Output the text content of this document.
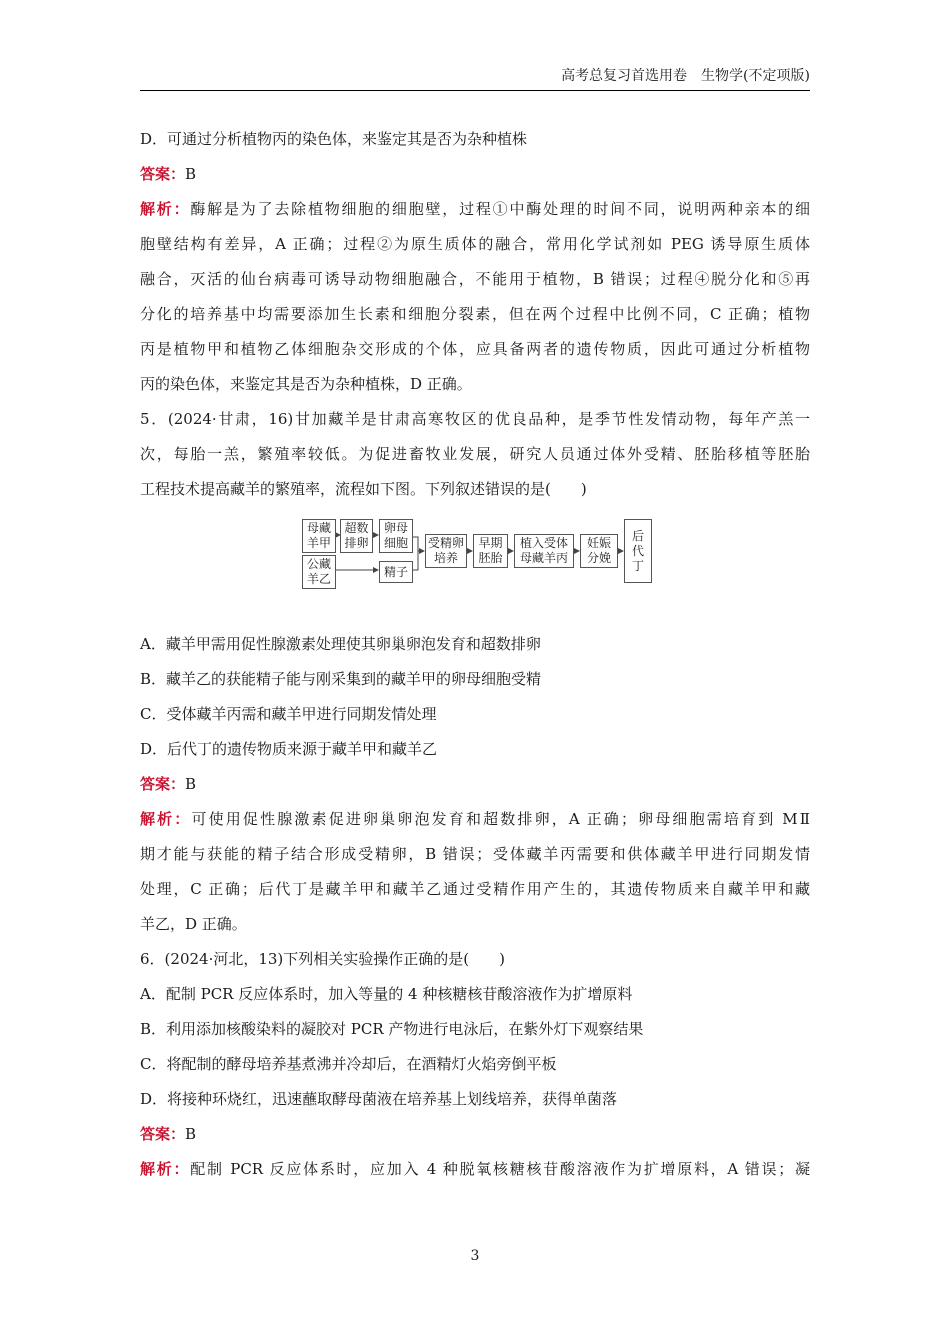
高考总复习首选用卷　生物学(不定项版)
D．可通过分析植物丙的染色体，来鉴定其是否为杂种植株
答案：B
解析：酶解是为了去除植物细胞的细胞壁，过程①中酶处理的时间不同，说明两种亲本的细
胞壁结构有差异，A 正确；过程②为原生质体的融合，常用化学试剂如 PEG 诱导原生质体
融合，灭活的仙台病毒可诱导动物细胞融合，不能用于植物，B 错误；过程④脱分化和⑤再
分化的培养基中均需要添加生长素和细胞分裂素，但在两个过程中比例不同，C 正确；植物
丙是植物甲和植物乙体细胞杂交形成的个体，应具备两者的遗传物质，因此可通过分析植物
丙的染色体，来鉴定其是否为杂种植株，D 正确。
5．(2024·甘肃，16)甘加藏羊是甘肃高寒牧区的优良品种，是季节性发情动物，每年产羔一
次，每胎一羔，繁殖率较低。为促进畜牧业发展，研究人员通过体外受精、胚胎移植等胚胎
工程技术提高藏羊的繁殖率，流程如下图。下列叙述错误的是(　　)
母藏
羊甲
超数
排卵
卵母
细胞
公藏
羊乙
精子
受精卵
培养
早期
胚胎
植入受体
母藏羊丙
妊娠
分娩
后
代
丁
A．藏羊甲需用促性腺激素处理使其卵巢卵泡发育和超数排卵
B．藏羊乙的获能精子能与刚采集到的藏羊甲的卵母细胞受精
C．受体藏羊丙需和藏羊甲进行同期发情处理
D．后代丁的遗传物质来源于藏羊甲和藏羊乙
答案：B
解析：可使用促性腺激素促进卵巢卵泡发育和超数排卵，A 正确；卵母细胞需培育到 MⅡ
期才能与获能的精子结合形成受精卵，B 错误；受体藏羊丙需要和供体藏羊甲进行同期发情
处理，C 正确；后代丁是藏羊甲和藏羊乙通过受精作用产生的，其遗传物质来自藏羊甲和藏
羊乙，D 正确。
6．(2024·河北，13)下列相关实验操作正确的是(　　)
A．配制 PCR 反应体系时，加入等量的 4 种核糖核苷酸溶液作为扩增原料
B．利用添加核酸染料的凝胶对 PCR 产物进行电泳后，在紫外灯下观察结果
C．将配制的酵母培养基煮沸并冷却后，在酒精灯火焰旁倒平板
D．将接种环烧红，迅速蘸取酵母菌液在培养基上划线培养，获得单菌落
答案：B
解析：配制 PCR 反应体系时，应加入 4 种脱氧核糖核苷酸溶液作为扩增原料，A 错误；凝
3
